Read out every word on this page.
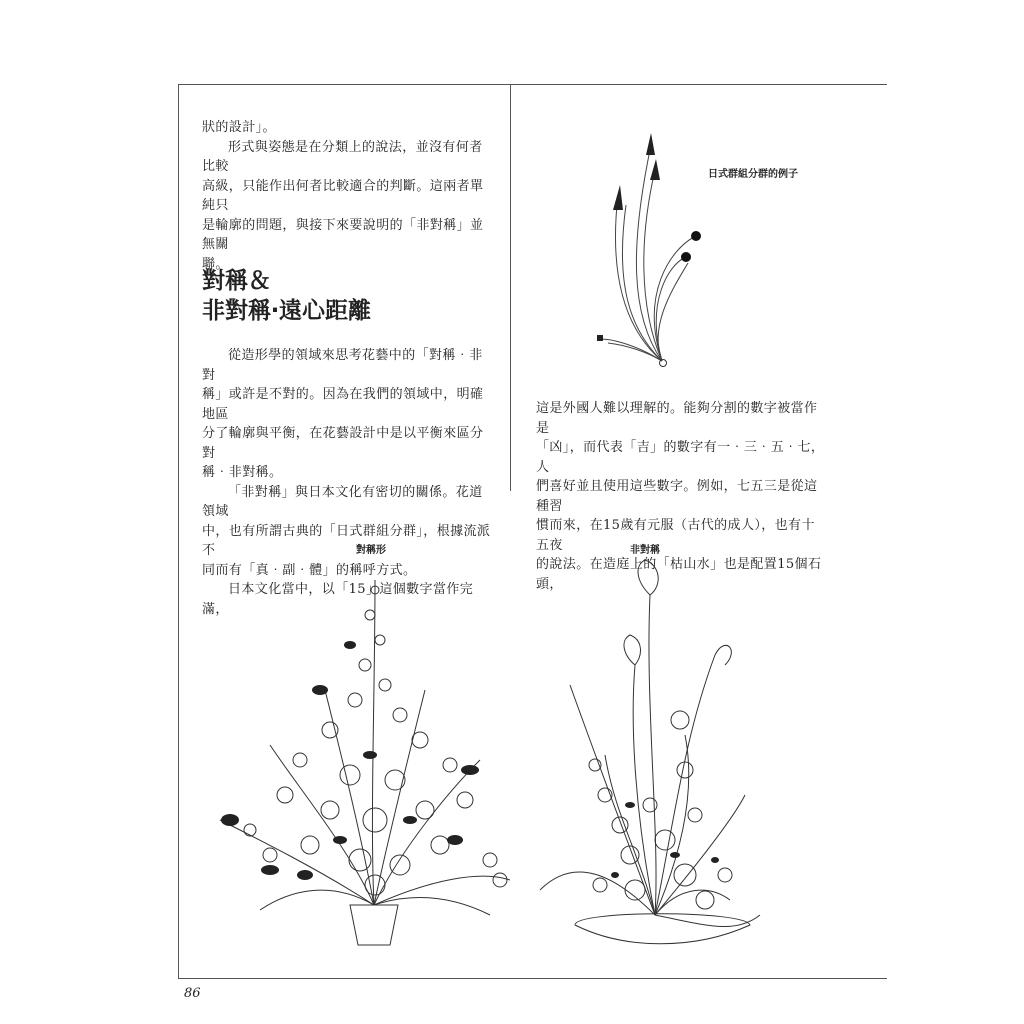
狀的設計」。

形式與姿態是在分類上的說法，並沒有何者比較

高級，只能作出何者比較適合的判斷。這兩者單純只

是輪廓的問題，與接下來要說明的「非對稱」並無關

聯。

對稱＆
非對稱‧遠心距離

從造形學的領域來思考花藝中的「對稱‧非對

稱」或許是不對的。因為在我們的領域中，明確地區

分了輪廓與平衡，在花藝設計中是以平衡來區分對

稱‧非對稱。

「非對稱」與日本文化有密切的關係。花道領域

中，也有所謂古典的「日式群組分群」，根據流派不

同而有「真‧副‧體」的稱呼方式。

日本文化當中，以「15」這個數字當作完滿，

日式群組分群的例子

這是外國人難以理解的。能夠分割的數字被當作是

「凶」，而代表「吉」的數字有一‧三‧五‧七，人

們喜好並且使用這些數字。例如，七五三是從這種習

慣而來，在15歲有元服（古代的成人），也有十五夜

的說法。在造庭上的「枯山水」也是配置15個石頭，

對稱形	非對稱
86
